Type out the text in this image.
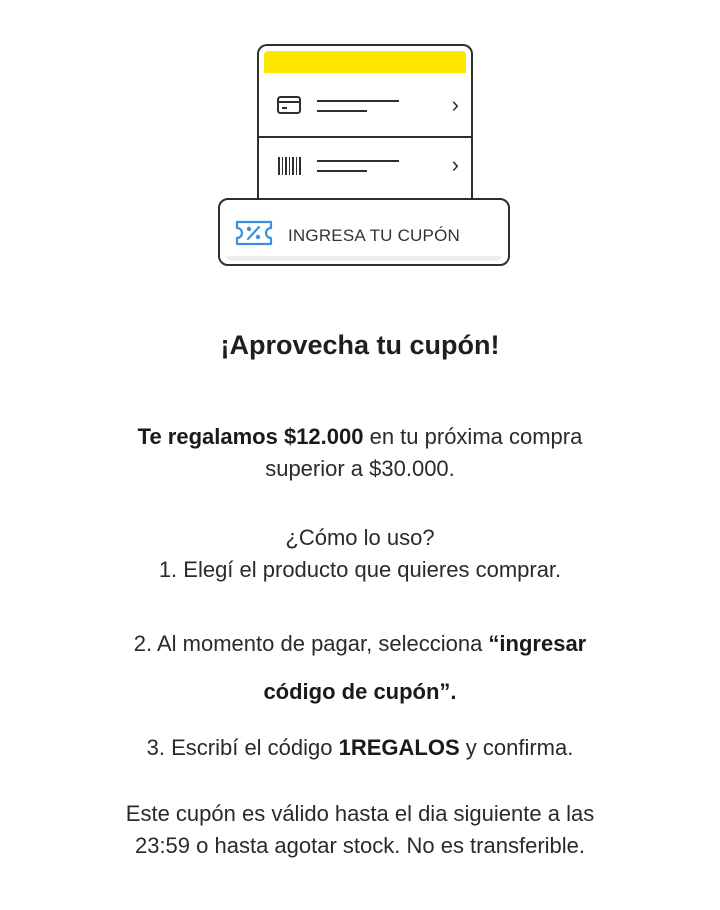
›
›
INGRESA TU CUPÓN
¡Aprovecha tu cupón!
Te regalamos $12.000 en tu próxima compra
superior a $30.000.
¿Cómo lo uso?
1. Elegí el producto que quieres comprar.
2. Al momento de pagar, selecciona “ingresar
código de cupón”.
3. Escribí el código 1REGALOS y confirma.
Este cupón es válido hasta el dia siguiente a las
23:59 o hasta agotar stock. No es transferible.
